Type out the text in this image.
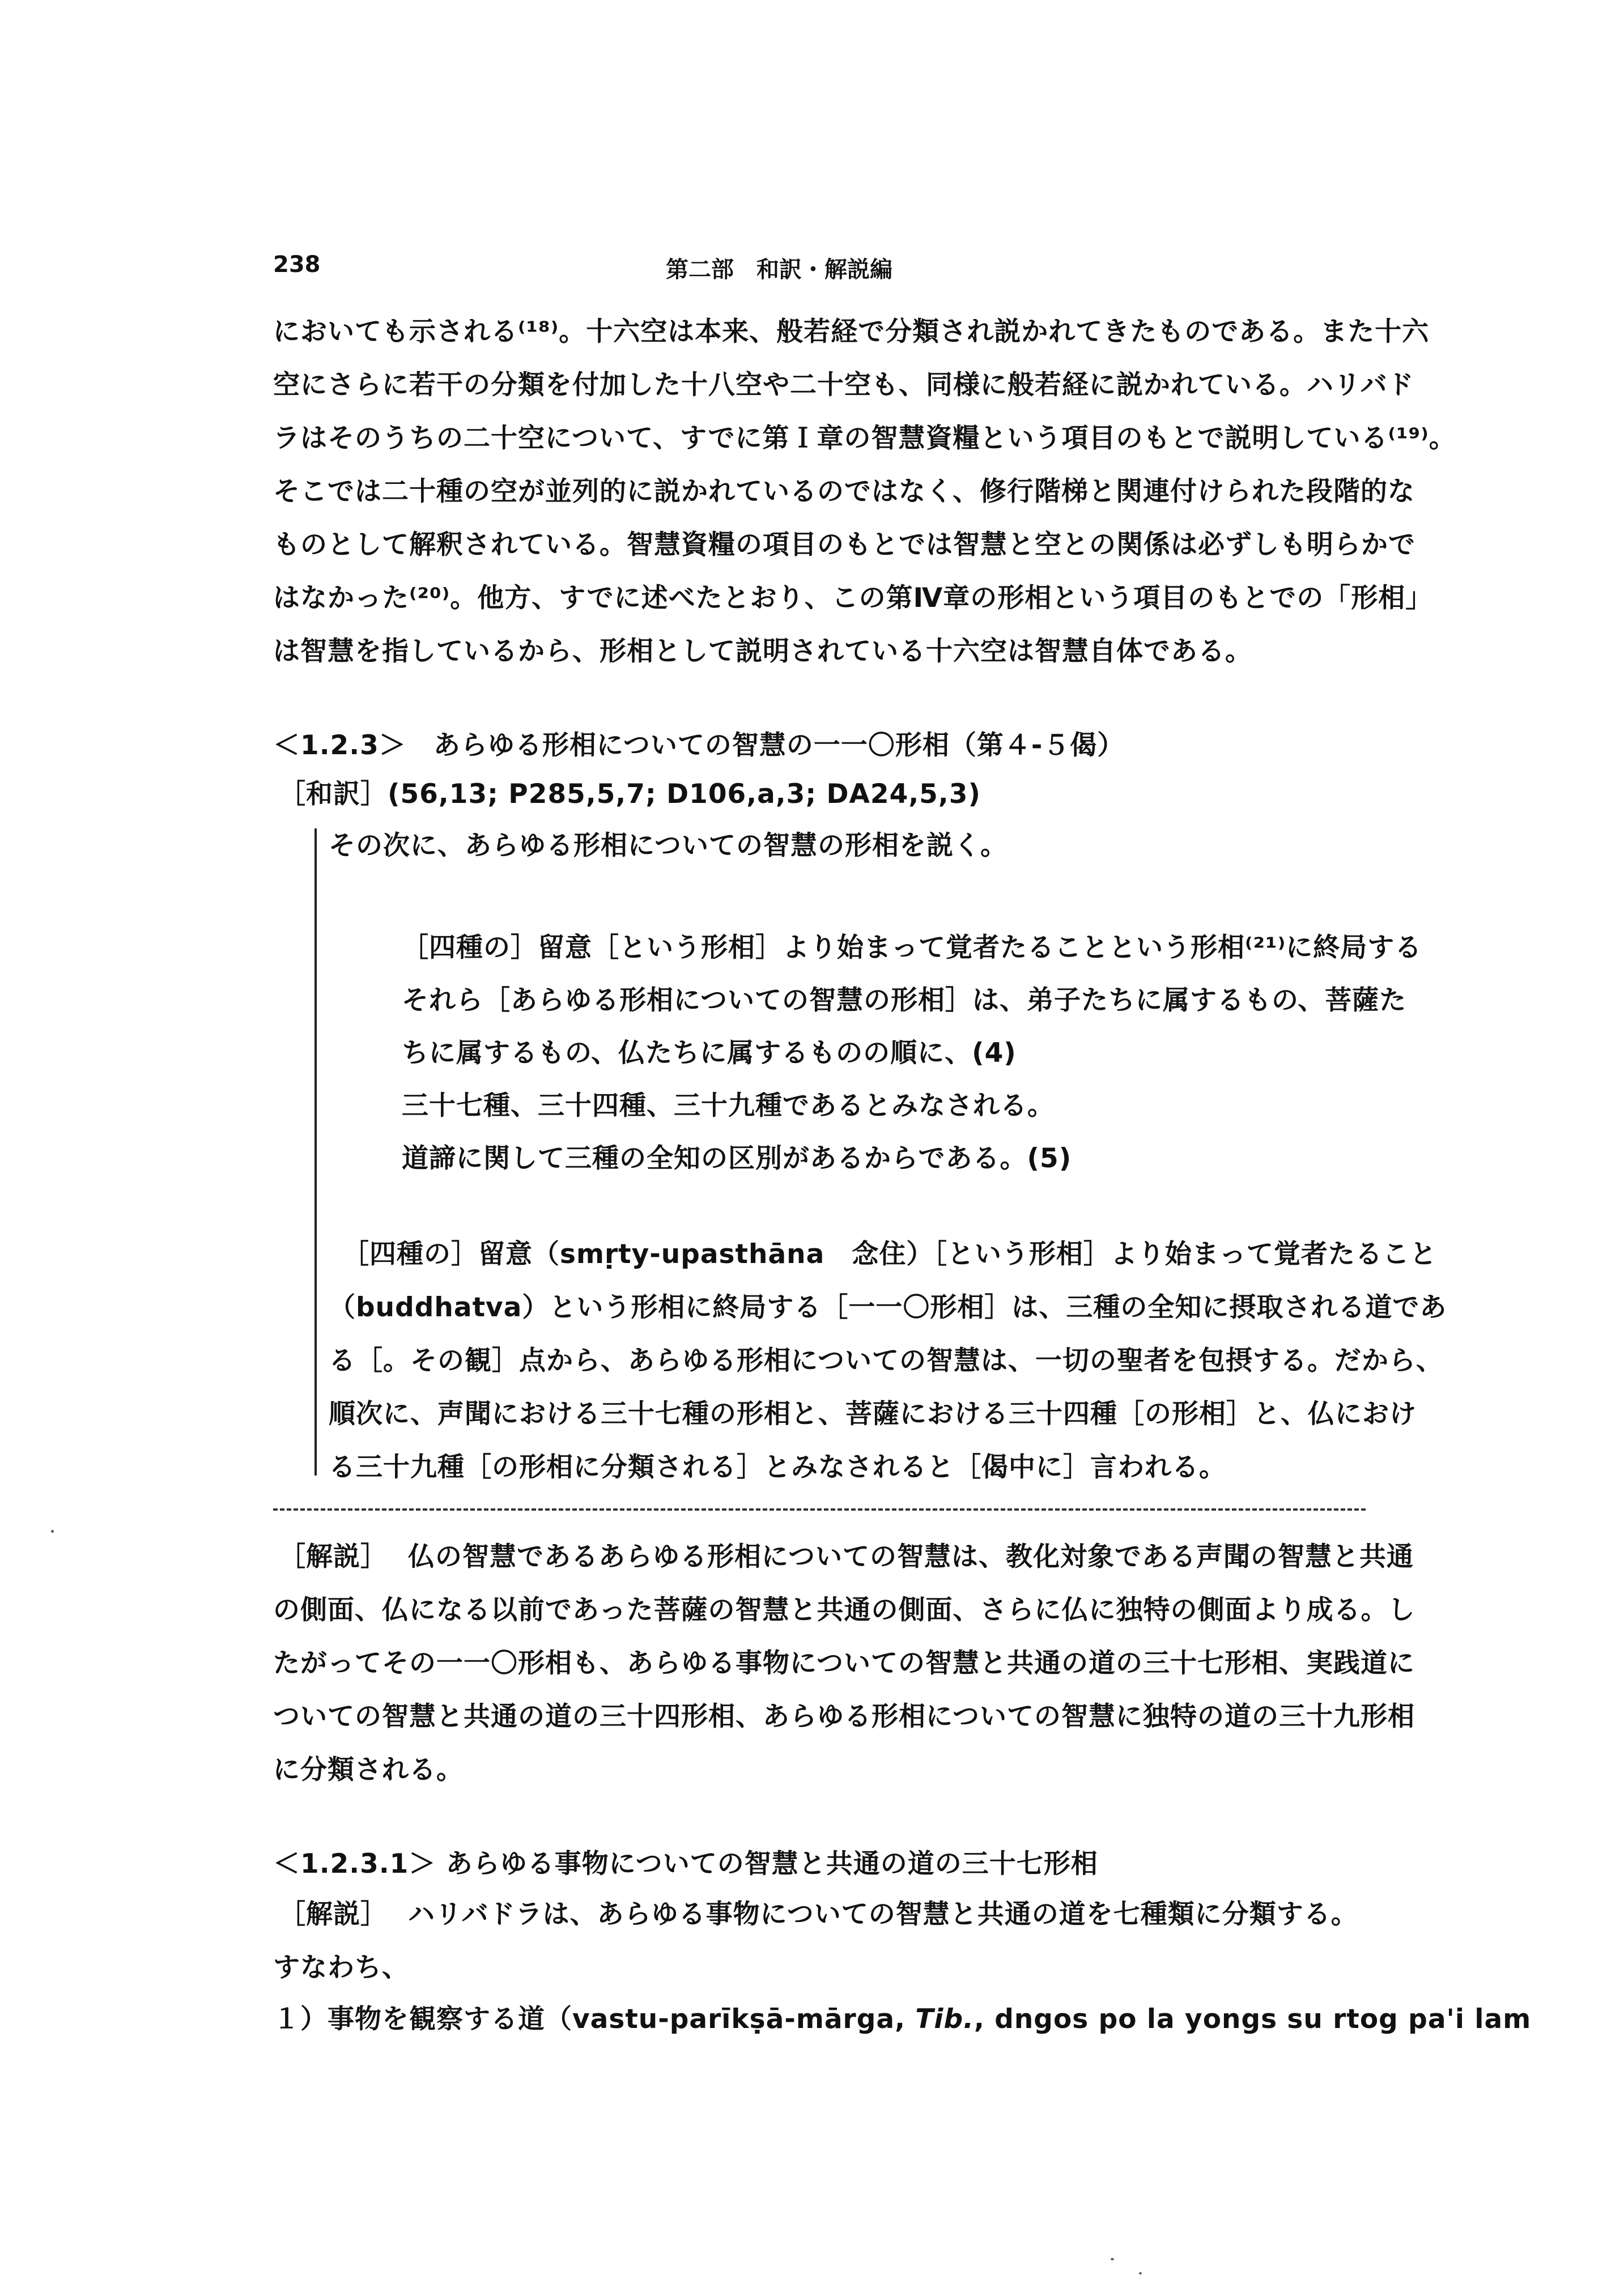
238	第二部　和訳・解説編
においても示される⁽¹⁸⁾。十六空は本来、般若経で分類され説かれてきたものである。また十六
空にさらに若干の分類を付加した十八空や二十空も、同様に般若経に説かれている。ハリバド
ラはそのうちの二十空について、すでに第Ｉ章の智慧資糧という項目のもとで説明している⁽¹⁹⁾。
そこでは二十種の空が並列的に説かれているのではなく、修行階梯と関連付けられた段階的な
ものとして解釈されている。智慧資糧の項目のもとでは智慧と空との関係は必ずしも明らかで
はなかった⁽²⁰⁾。他方、すでに述べたとおり、この第Ⅳ章の形相という項目のもとでの「形相」
は智慧を指しているから、形相として説明されている十六空は智慧自体である。
＜1.2.3＞　あらゆる形相についての智慧の一一〇形相（第４-５偈）
［和訳］(56,13; P285,5,7; D106,a,3; DA24,5,3)
その次に、あらゆる形相についての智慧の形相を説く。
［四種の］留意［という形相］より始まって覚者たることという形相⁽²¹⁾に終局する
それら［あらゆる形相についての智慧の形相］は、弟子たちに属するもの、菩薩た
ちに属するもの、仏たちに属するものの順に、(4)
三十七種、三十四種、三十九種であるとみなされる。
道諦に関して三種の全知の区別があるからである。(5)
［四種の］留意（smṛty-upasthāna　念住）［という形相］より始まって覚者たること
（buddhatva）という形相に終局する［一一〇形相］は、三種の全知に摂取される道であ
る［。その観］点から、あらゆる形相についての智慧は、一切の聖者を包摂する。だから、
順次に、声聞における三十七種の形相と、菩薩における三十四種［の形相］と、仏におけ
る三十九種［の形相に分類される］とみなされると［偈中に］言われる。
［解説］ 仏の智慧であるあらゆる形相についての智慧は、教化対象である声聞の智慧と共通
の側面、仏になる以前であった菩薩の智慧と共通の側面、さらに仏に独特の側面より成る。し
たがってその一一〇形相も、あらゆる事物についての智慧と共通の道の三十七形相、実践道に
ついての智慧と共通の道の三十四形相、あらゆる形相についての智慧に独特の道の三十九形相
に分類される。
＜1.2.3.1＞ あらゆる事物についての智慧と共通の道の三十七形相
［解説］ ハリバドラは、あらゆる事物についての智慧と共通の道を七種類に分類する。
すなわち、
１）事物を観察する道（vastu-parīkṣā-mārga, Tib., dngos po la yongs su rtog pa'i lam
